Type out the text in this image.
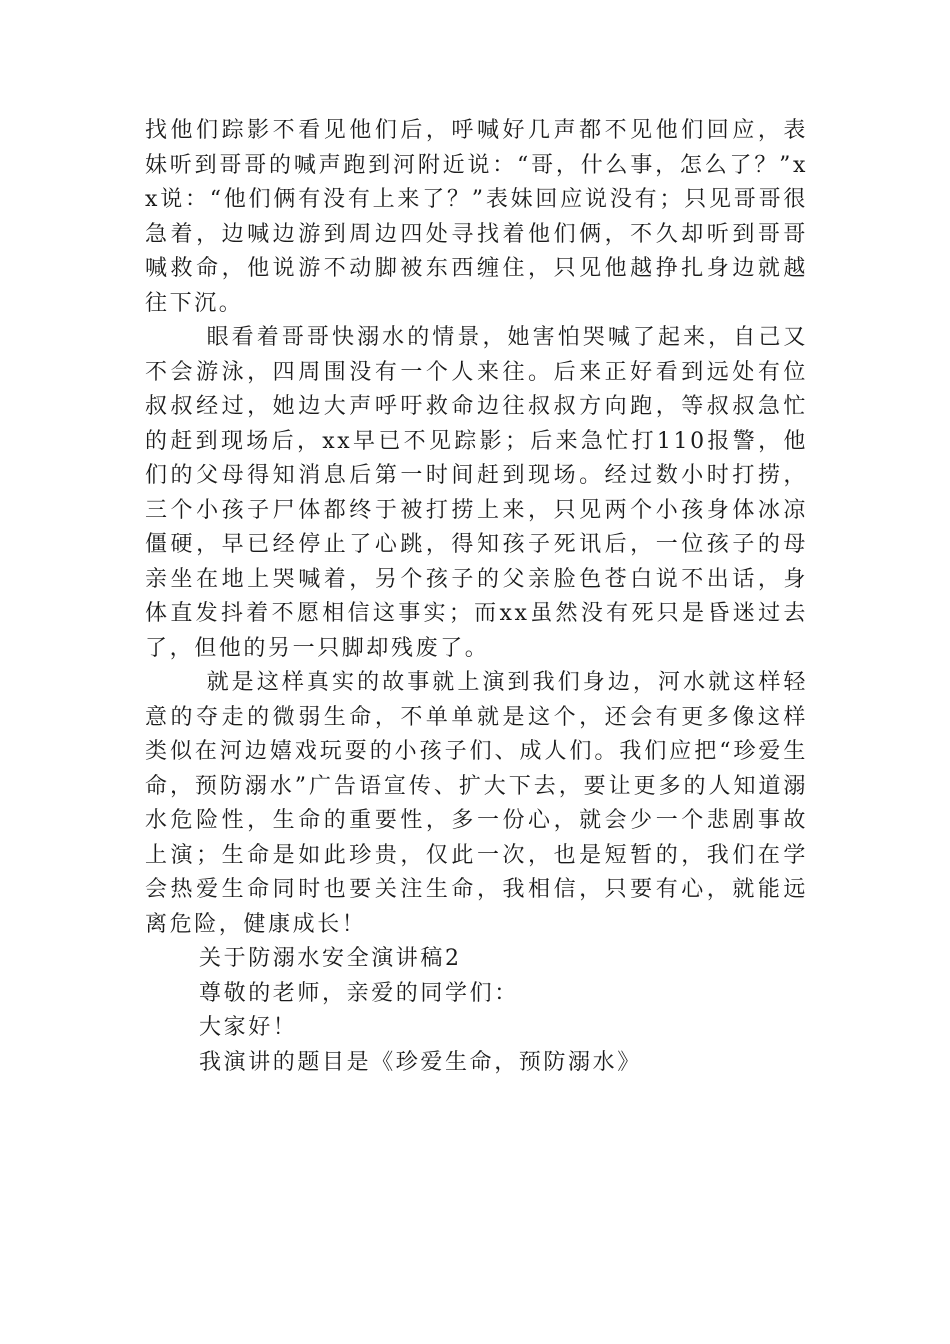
找他们踪影不看见他们后，呼喊好几声都不见他们回应，表妹听到哥哥的喊声跑到河附近说：“哥，什么事，怎么了？”xx说：“他们俩有没有上来了？”表妹回应说没有；只见哥哥很急着，边喊边游到周边四处寻找着他们俩，不久却听到哥哥喊救命，他说游不动脚被东西缠住，只见他越挣扎身边就越往下沉。

眼看着哥哥快溺水的情景，她害怕哭喊了起来，自己又不会游泳，四周围没有一个人来往。后来正好看到远处有位叔叔经过，她边大声呼吁救命边往叔叔方向跑，等叔叔急忙的赶到现场后，xx早已不见踪影；后来急忙打110报警，他们的父母得知消息后第一时间赶到现场。经过数小时打捞，三个小孩子尸体都终于被打捞上来，只见两个小孩身体冰凉僵硬，早已经停止了心跳，得知孩子死讯后，一位孩子的母亲坐在地上哭喊着，另个孩子的父亲脸色苍白说不出话，身体直发抖着不愿相信这事实；而xx虽然没有死只是昏迷过去了，但他的另一只脚却残废了。

就是这样真实的故事就上演到我们身边，河水就这样轻意的夺走的微弱生命，不单单就是这个，还会有更多像这样类似在河边嬉戏玩耍的小孩子们、成人们。我们应把“珍爱生命，预防溺水”广告语宣传、扩大下去，要让更多的人知道溺水危险性，生命的重要性，多一份心，就会少一个悲剧事故上演；生命是如此珍贵，仅此一次，也是短暂的，我们在学会热爱生命同时也要关注生命，我相信，只要有心，就能远离危险，健康成长！

关于防溺水安全演讲稿2

尊敬的老师，亲爱的同学们：

大家好！

我演讲的题目是《珍爱生命，预防溺水》
